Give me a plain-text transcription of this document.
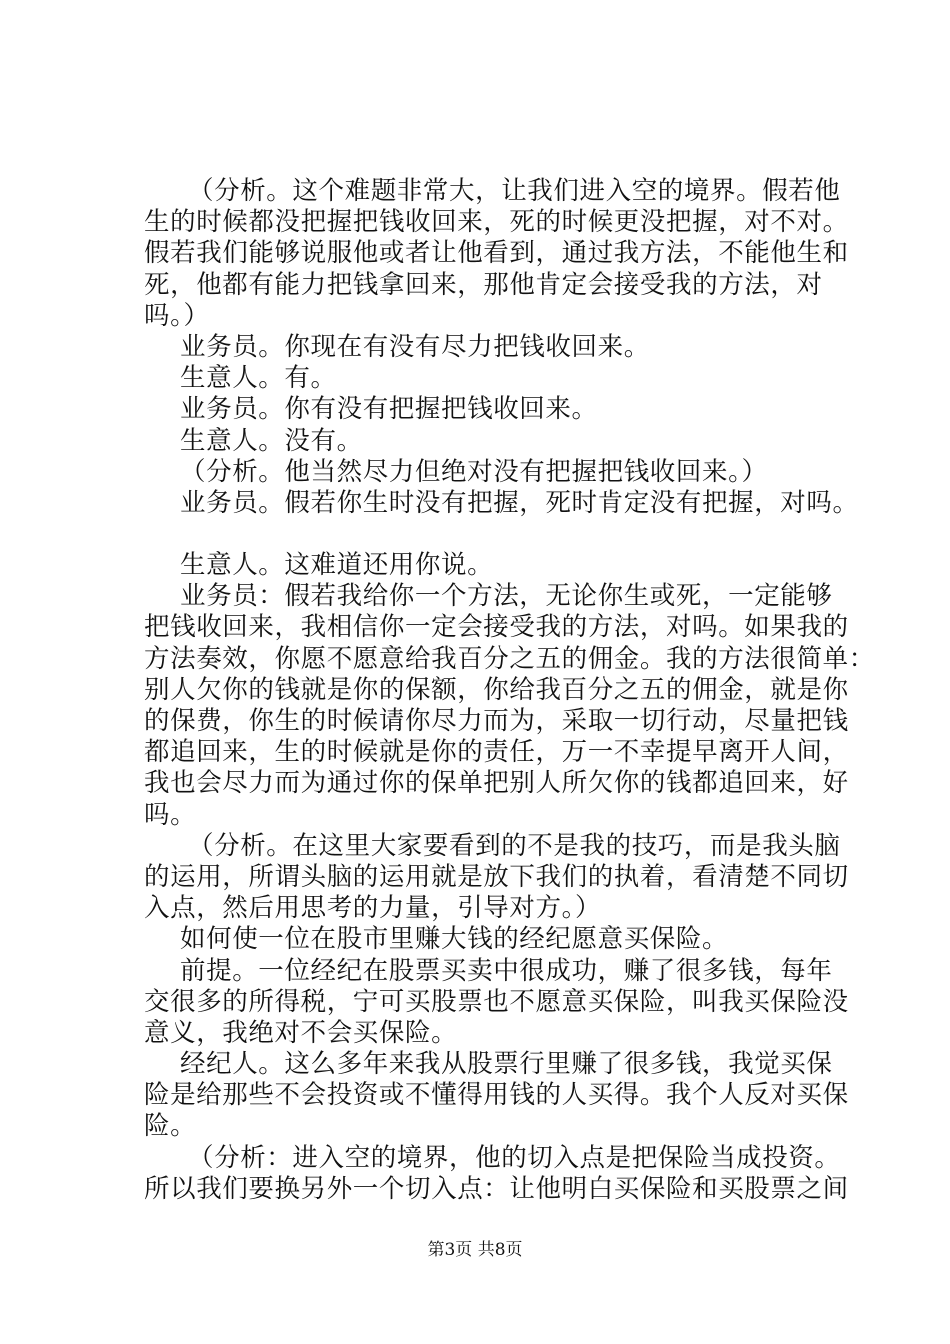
（分析。这个难题非常大，让我们进入空的境界。假若他
生的时候都没把握把钱收回来，死的时候更没把握，对不对。
假若我们能够说服他或者让他看到，通过我方法，不能他生和
死，他都有能力把钱拿回来，那他肯定会接受我的方法，对
吗。）
业务员。你现在有没有尽力把钱收回来。
生意人。有。
业务员。你有没有把握把钱收回来。
生意人。没有。
（分析。他当然尽力但绝对没有把握把钱收回来。）
业务员。假若你生时没有把握，死时肯定没有把握，对吗。
生意人。这难道还用你说。
业务员：假若我给你一个方法，无论你生或死，一定能够
把钱收回来，我相信你一定会接受我的方法，对吗。如果我的
方法奏效，你愿不愿意给我百分之五的佣金。我的方法很简单：
别人欠你的钱就是你的保额，你给我百分之五的佣金，就是你
的保费，你生的时候请你尽力而为，采取一切行动，尽量把钱
都追回来，生的时候就是你的责任，万一不幸提早离开人间，
我也会尽力而为通过你的保单把别人所欠你的钱都追回来，好
吗。
（分析。在这里大家要看到的不是我的技巧，而是我头脑
的运用，所谓头脑的运用就是放下我们的执着，看清楚不同切
入点，然后用思考的力量，引导对方。）
如何使一位在股市里赚大钱的经纪愿意买保险。
前提。一位经纪在股票买卖中很成功，赚了很多钱，每年
交很多的所得税，宁可买股票也不愿意买保险，叫我买保险没
意义，我绝对不会买保险。
经纪人。这么多年来我从股票行里赚了很多钱，我觉买保
险是给那些不会投资或不懂得用钱的人买得。我个人反对买保
险。
（分析：进入空的境界，他的切入点是把保险当成投资。
所以我们要换另外一个切入点：让他明白买保险和买股票之间
第3页 共8页
